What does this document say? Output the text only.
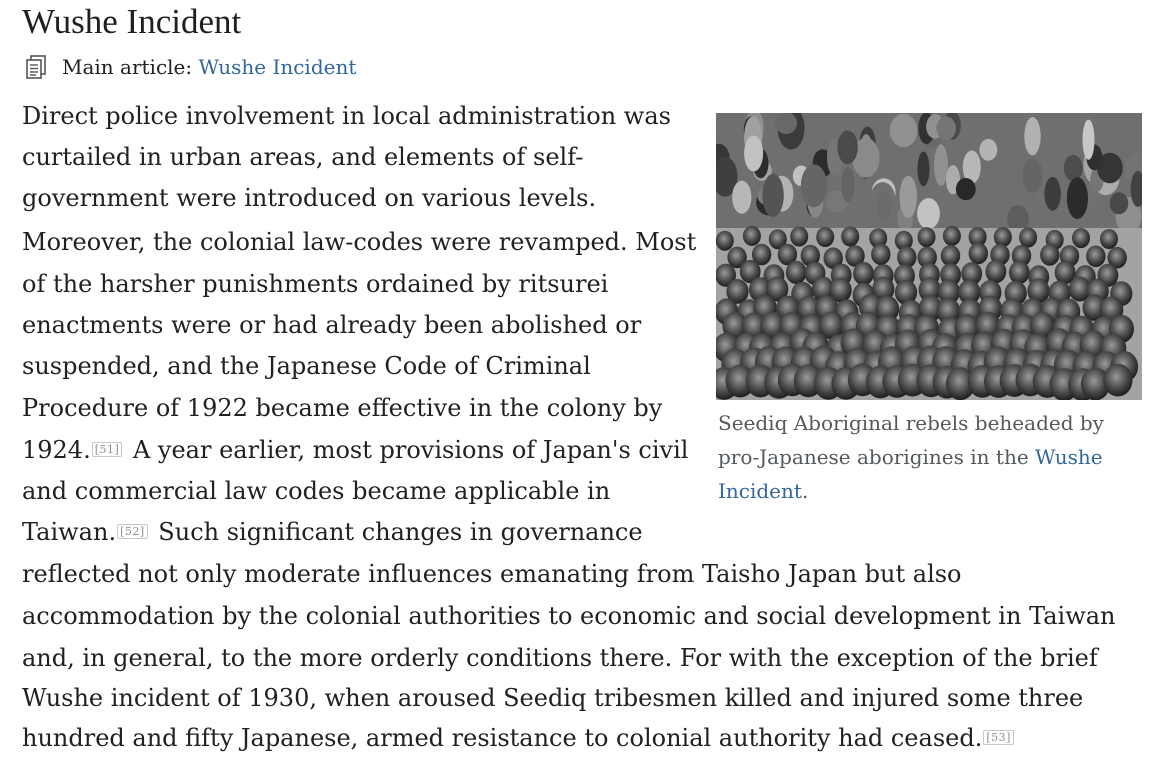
Wushe Incident
Main article: Wushe Incident
Direct police involvement in local administration was
curtailed in urban areas, and elements of self-
government were introduced on various levels.
Moreover, the colonial law-codes were revamped. Most
of the harsher punishments ordained by ritsurei
enactments were or had already been abolished or
suspended, and the Japanese Code of Criminal
Procedure of 1922 became effective in the colony by
1924. [51] A year earlier, most provisions of Japan's civil
and commercial law codes became applicable in
Taiwan. [52] Such significant changes in governance
reflected not only moderate influences emanating from Taisho Japan but also
accommodation by the colonial authorities to economic and social development in Taiwan
and, in general, to the more orderly conditions there. For with the exception of the brief
Wushe incident of 1930, when aroused Seediq tribesmen killed and injured some three
hundred and fifty Japanese, armed resistance to colonial authority had ceased. [53]
Seediq Aboriginal rebels beheaded by pro-Japanese aborigines in the Wushe Incident.
